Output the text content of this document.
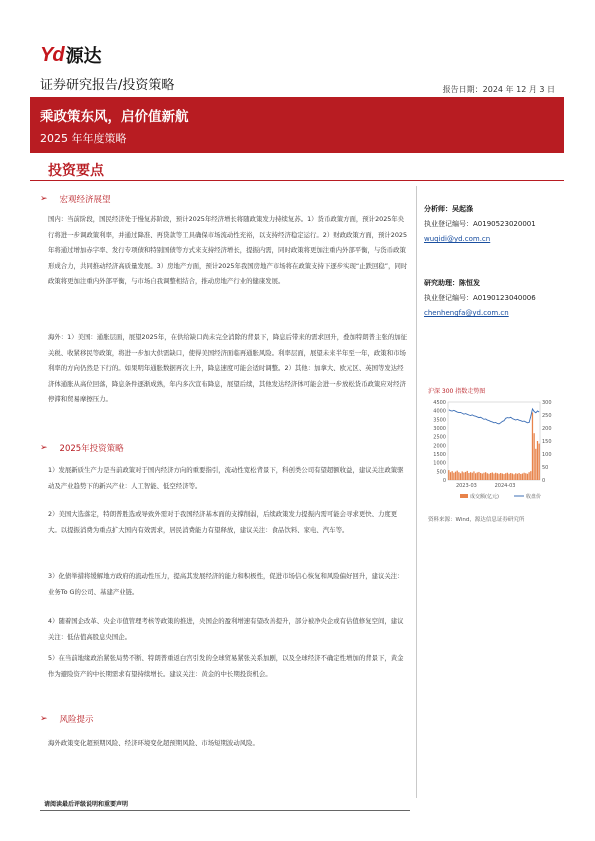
Yd 源达
证券研究报告/投资策略	报告日期：2024 年 12 月 3 日
乘政策东风，启价值新航
2025 年年度策略
投资要点
➢ 宏观经济展望
国内：当前阶段，国民经济处于慢复苏阶段，预计2025年经济增长将随政策发力持续复苏。1）货币政策方面，预计2025年央行将进一步调政策利率，并通过降准、再贷款等工具确保市场流动性充裕，以支持经济稳定运行。2）财政政策方面，预计2025年将通过增加赤字率、发行专项债和特别国债等方式来支持经济增长，提振内需，同时政策将更加注重内外部平衡，与货币政策形成合力，共同推动经济高质量发展。3）房地产方面，预计2025年我国房地产市场将在政策支持下逐步实现“止跌回稳”，同时政策将更加注重内外部平衡，与市场自我调整相结合，推动房地产行业的健康发展。
海外：1）美国：通胀层面，展望2025年，在供给缺口尚未完全消除的背景下，降息后带来的需求回升，叠加特朗普主张的加征关税、收紧移民等政策，将进一步加大供需缺口，使得美国经济面临再通胀风险。利率层面，展望未来半年至一年，政策和市场利率的方向仍然是下行的。如果明年通胀数据再次上升，降息速度可能会适时调整。2）其他：加拿大、欧元区、英国等发达经济体通胀从高位回落，降息条件逐渐成熟，年内多次宣布降息，展望后续，其他发达经济体可能会进一步放松货币政策应对经济停滞和贸易摩擦压力。
➢ 2025年投资策略
1）发展新质生产力是当前政策对于国内经济方向的重要指引，流动性宽松背景下，科创类公司有望超额收益，建议关注政策驱动及产业趋势下的新兴产业：人工智能、低空经济等。
2）美国大选落定，特朗普胜选或导致外需对于我国经济基本面的支撑削弱，后续政策发力提振内需可能会寻求更快、力度更大。以提振消费为重点扩大国内有效需求，居民消费能力有望释放，建议关注：食品饮料、家电、汽车等。
3）化债举措将缓解地方政府的流动性压力，提高其发展经济的能力和积极性，促进市场信心恢复和风险偏好回升，建议关注：业务To G的公司、基建产业链。
4）随着国企改革、央企市值管理考核等政策的推进，央国企的盈利增速有望改善提升，部分被净央企或有估值修复空间，建议关注：低估值高股息央国企。
5）在当前地缘政治紧张局势不断、特朗普重返白宫引发的全球贸易紧张关系加剧，以及全球经济不确定性增加的背景下，黄金作为避险资产的中长期需求有望持续增长。建议关注：黄金的中长期投资机会。
➢ 风险提示
海外政策变化超预期风险、经济环境变化超预期风险、市场短期波动风险。
分析师：吴起涤
执业登记编号：A0190523020001
wuqidi@yd.com.cn
研究助理：陈恒发
执业登记编号：A0190123040006
chenhengfa@yd.com.cn
沪深 300 指数走势图
4500
4000
3500
3000
2500
2000
1500
1000
500
0
300
250
200
150
100
50
0
2023-03	2024-03
成交额(亿元)	收盘价
资料来源：Wind，源达信息证券研究所
请阅读最后评级说明和重要声明
